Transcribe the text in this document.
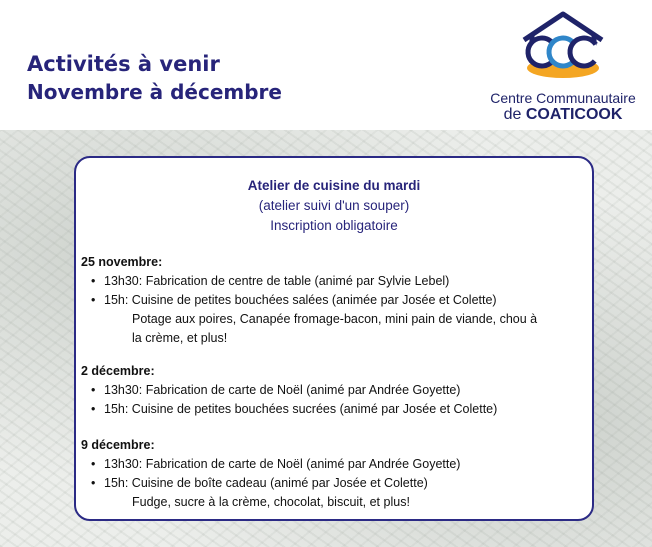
Activités à venir
Novembre à décembre	Centre Communautaire
de COATICOOK
Atelier de cuisine du mardi
(atelier suivi d'un souper)
Inscription obligatoire
25 novembre:
• 13h30: Fabrication de centre de table (animé par Sylvie Lebel)
• 15h: Cuisine de petites bouchées salées (animée par Josée et Colette)
Potage aux poires, Canapée fromage-bacon, mini pain de viande, chou à
la crème, et plus!
2 décembre:
• 13h30: Fabrication de carte de Noël (animé par Andrée Goyette)
• 15h: Cuisine de petites bouchées sucrées (animé par Josée et Colette)
9 décembre:
• 13h30: Fabrication de carte de Noël (animé par Andrée Goyette)
• 15h: Cuisine de boîte cadeau (animé par Josée et Colette)
Fudge, sucre à la crème, chocolat, biscuit, et plus!
